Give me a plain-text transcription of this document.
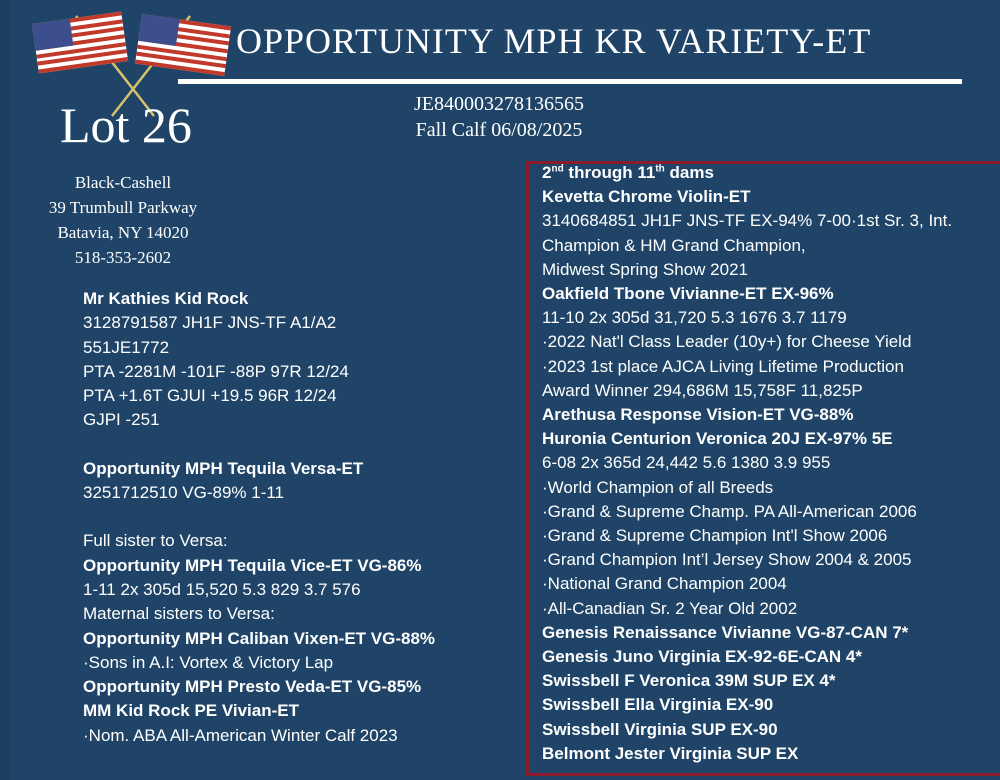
OPPORTUNITY MPH KR VARIETY-ET
Lot 26	JE840003278136565
Fall Calf 06/08/2025
Black-Cashell
39 Trumbull Parkway
Batavia, NY 14020
518-353-2602
Mr Kathies Kid Rock
3128791587 JH1F JNS-TF A1/A2
551JE1772
PTA -2281M -101F -88P 97R 12/24
PTA +1.6T GJUI +19.5 96R 12/24
GJPI -251
Opportunity MPH Tequila Versa-ET
3251712510 VG-89% 1-11
Full sister to Versa:
Opportunity MPH Tequila Vice-ET VG-86%
1-11 2x 305d 15,520 5.3 829 3.7 576
Maternal sisters to Versa:
Opportunity MPH Caliban Vixen-ET VG-88%
·Sons in A.I: Vortex & Victory Lap
Opportunity MPH Presto Veda-ET VG-85%
MM Kid Rock PE Vivian-ET
·Nom. ABA All-American Winter Calf 2023
2nd through 11th dams
Kevetta Chrome Violin-ET
3140684851 JH1F JNS-TF EX-94% 7-00·1st Sr. 3, Int.
Champion & HM Grand Champion,
Midwest Spring Show 2021
Oakfield Tbone Vivianne-ET EX-96%
11-10 2x 305d 31,720 5.3 1676 3.7 1179
·2022 Nat'l Class Leader (10y+) for Cheese Yield
·2023 1st place AJCA Living Lifetime Production
Award Winner 294,686M 15,758F 11,825P
Arethusa Response Vision-ET VG-88%
Huronia Centurion Veronica 20J EX-97% 5E
6-08 2x 365d 24,442 5.6 1380 3.9 955
·World Champion of all Breeds
·Grand & Supreme Champ. PA All-American 2006
·Grand & Supreme Champion Int'l Show 2006
·Grand Champion Int’l Jersey Show 2004 & 2005
·National Grand Champion 2004
·All-Canadian Sr. 2 Year Old 2002
Genesis Renaissance Vivianne VG-87-CAN 7*
Genesis Juno Virginia EX-92-6E-CAN 4*
Swissbell F Veronica 39M SUP EX 4*
Swissbell Ella Virginia EX-90
Swissbell Virginia SUP EX-90
Belmont Jester Virginia SUP EX
